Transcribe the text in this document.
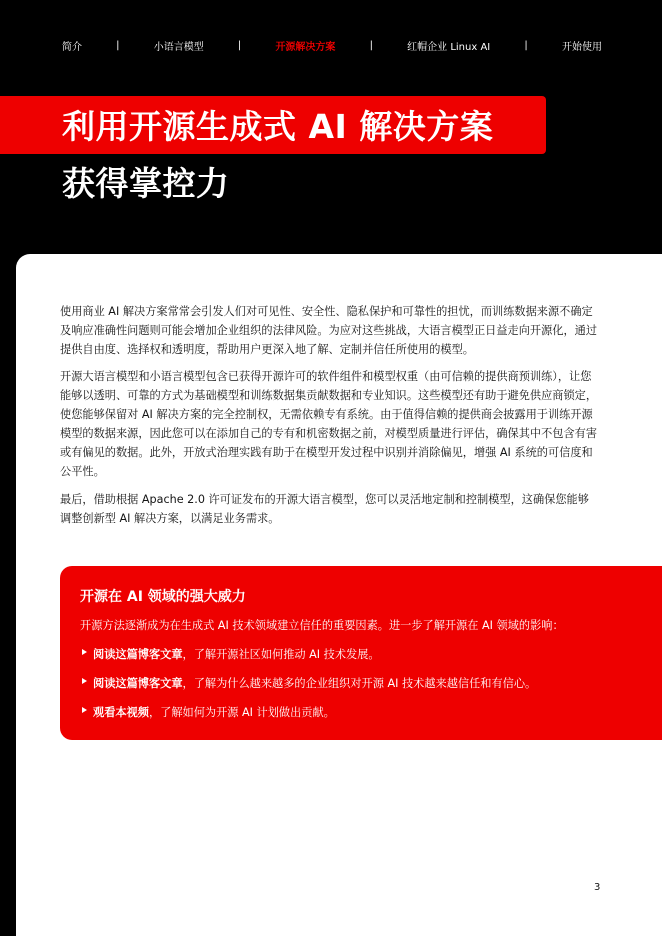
简介	|	小语言模型	|	开源解决方案	|	红帽企业 Linux AI	|	开始使用
利用开源生成式 AI 解决方案
获得掌控力

使用商业 AI 解决方案常常会引发人们对可见性、安全性、隐私保护和可靠性的担忧，而训练数据来源不确定及响应准确性问题则可能会增加企业组织的法律风险。为应对这些挑战，大语言模型正日益走向开源化，通过提供自由度、选择权和透明度，帮助用户更深入地了解、定制并信任所使用的模型。

开源大语言模型和小语言模型包含已获得开源许可的软件组件和模型权重（由可信赖的提供商预训练），让您能够以透明、可靠的方式为基础模型和训练数据集贡献数据和专业知识。这些模型还有助于避免供应商锁定，使您能够保留对 AI 解决方案的完全控制权，无需依赖专有系统。由于值得信赖的提供商会披露用于训练开源模型的数据来源，因此您可以在添加自己的专有和机密数据之前，对模型质量进行评估，确保其中不包含有害或有偏见的数据。此外，开放式治理实践有助于在模型开发过程中识别并消除偏见，增强 AI 系统的可信度和公平性。

最后，借助根据 Apache 2.0 许可证发布的开源大语言模型，您可以灵活地定制和控制模型，这确保您能够调整创新型 AI 解决方案，以满足业务需求。

开源在 AI 领域的强大威力

开源方法逐渐成为在生成式 AI 技术领域建立信任的重要因素。进一步了解开源在 AI 领域的影响：

阅读这篇博客文章，了解开源社区如何推动 AI 技术发展。
阅读这篇博客文章，了解为什么越来越多的企业组织对开源 AI 技术越来越信任和有信心。
观看本视频，了解如何为开源 AI 计划做出贡献。
3
